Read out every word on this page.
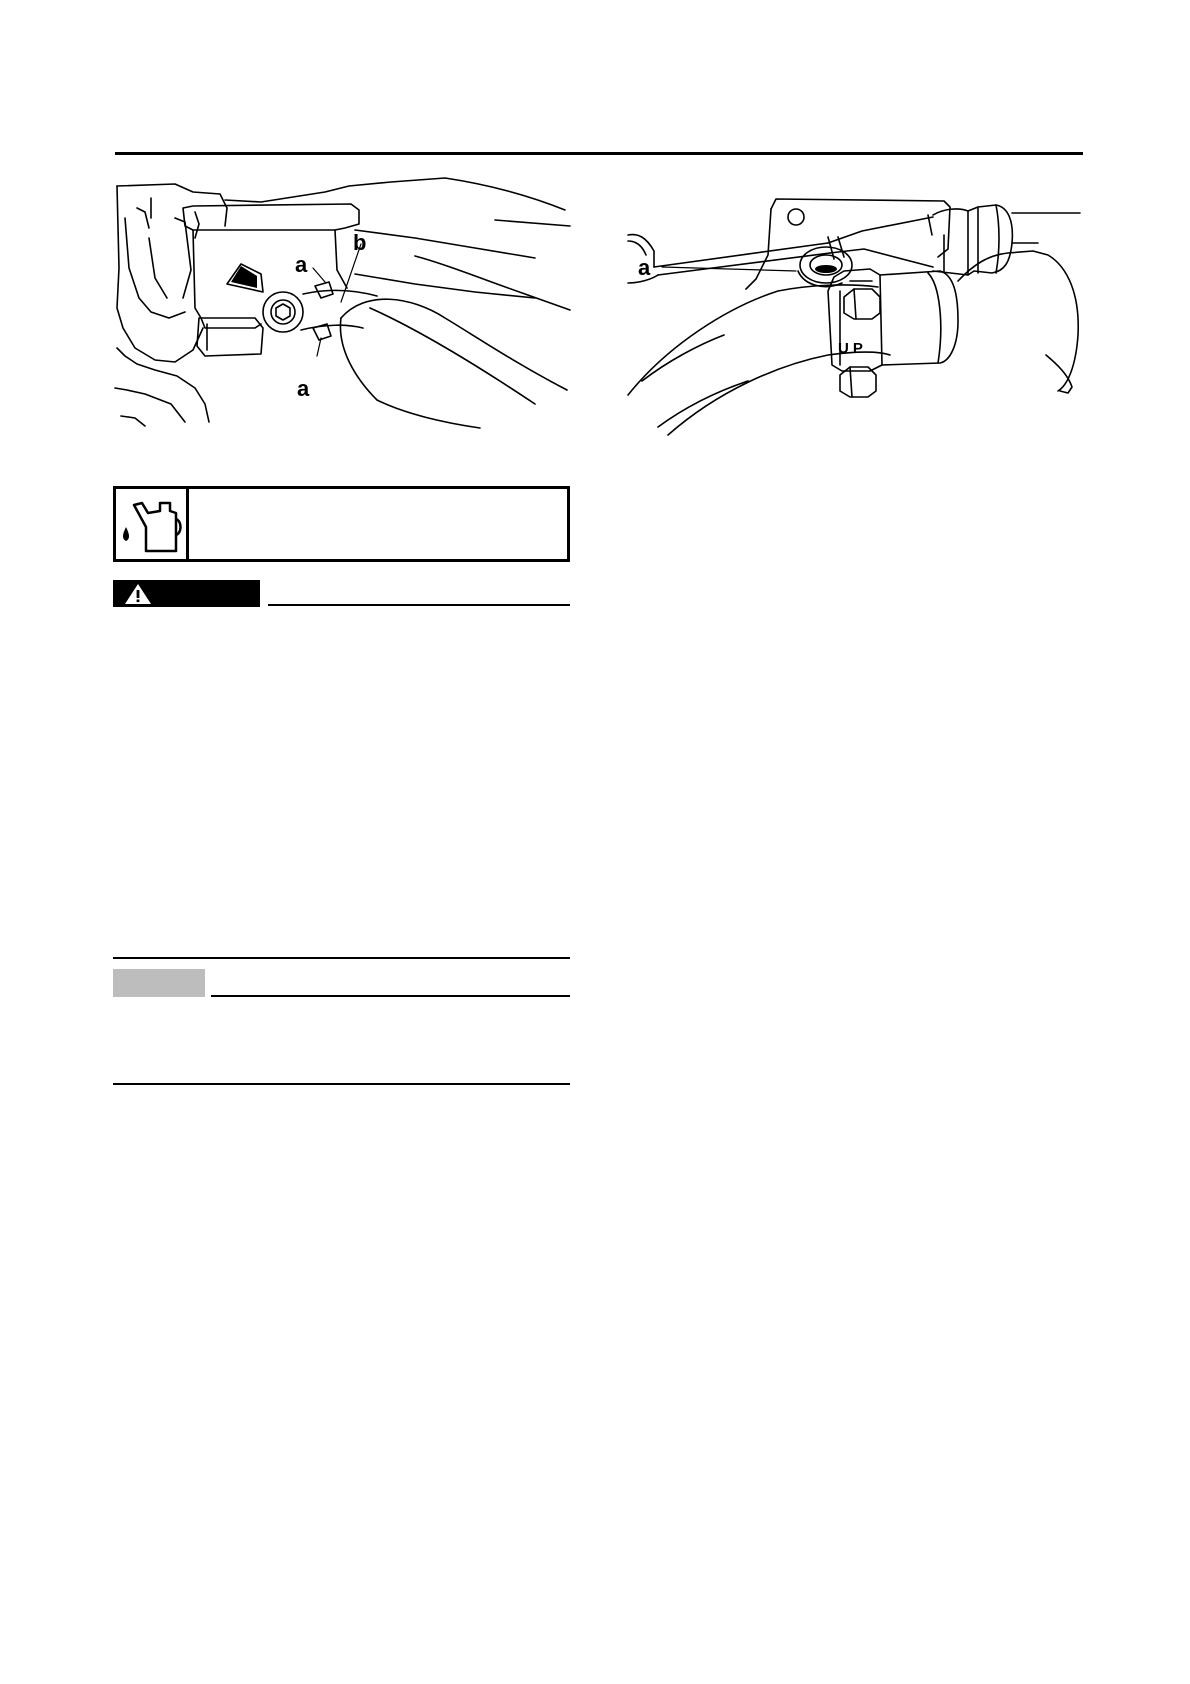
a
b
a
a
UP
